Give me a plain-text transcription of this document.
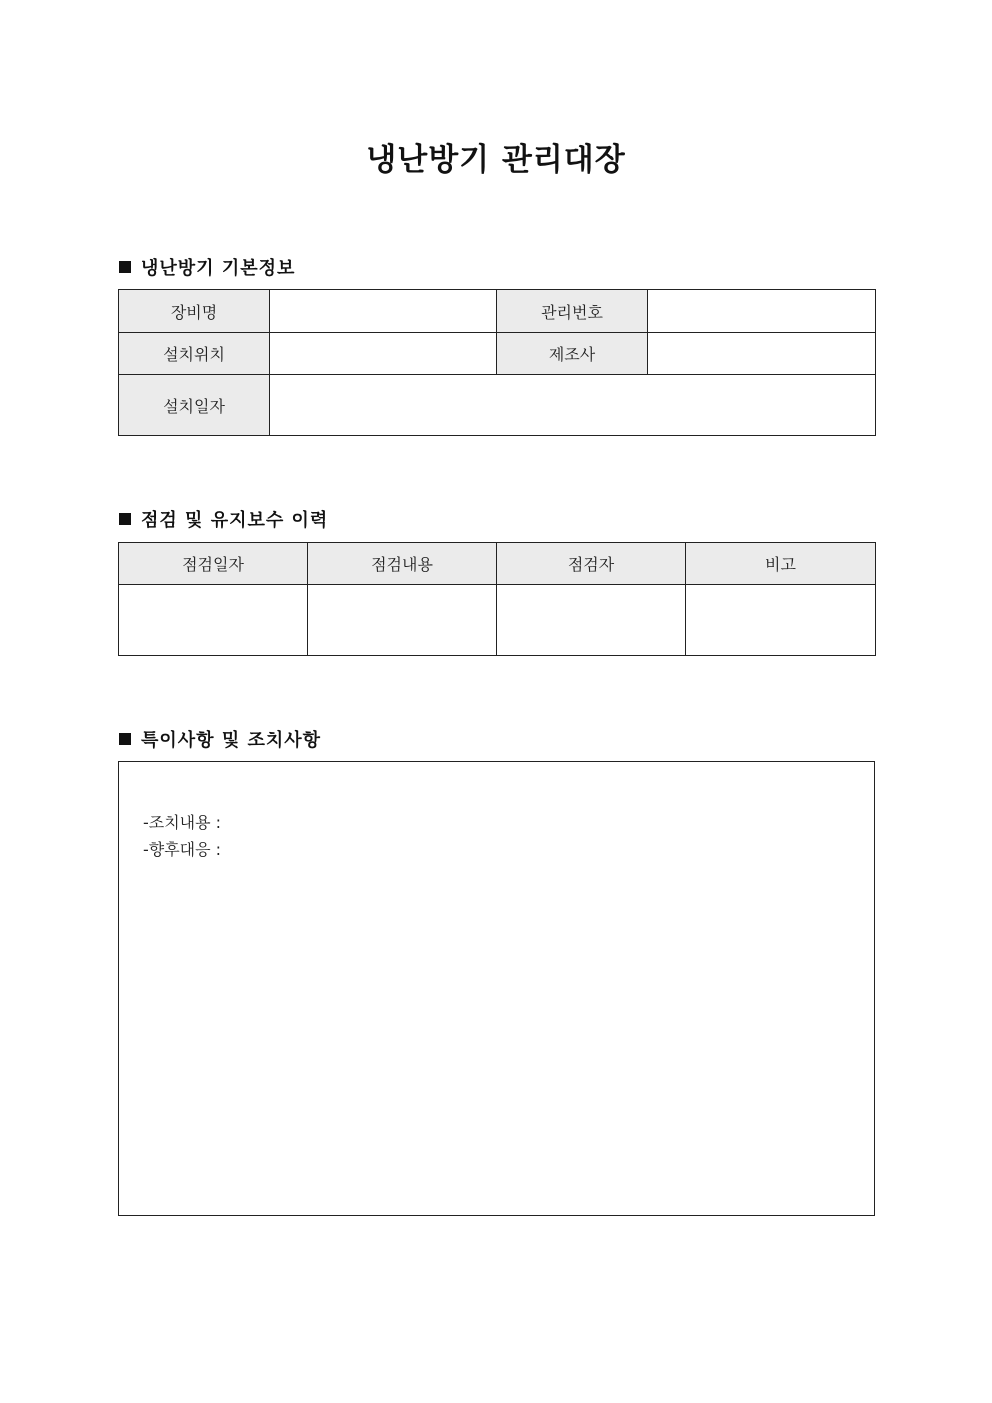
냉난방기 관리대장
냉난방기 기본정보
장비명		관리번호	
설치위치		제조사	
설치일자			
점검 및 유지보수 이력
점검일자	점검내용	점검자	비고

특이사항 및 조치사항
-조치내용 :
-향후대응 :
